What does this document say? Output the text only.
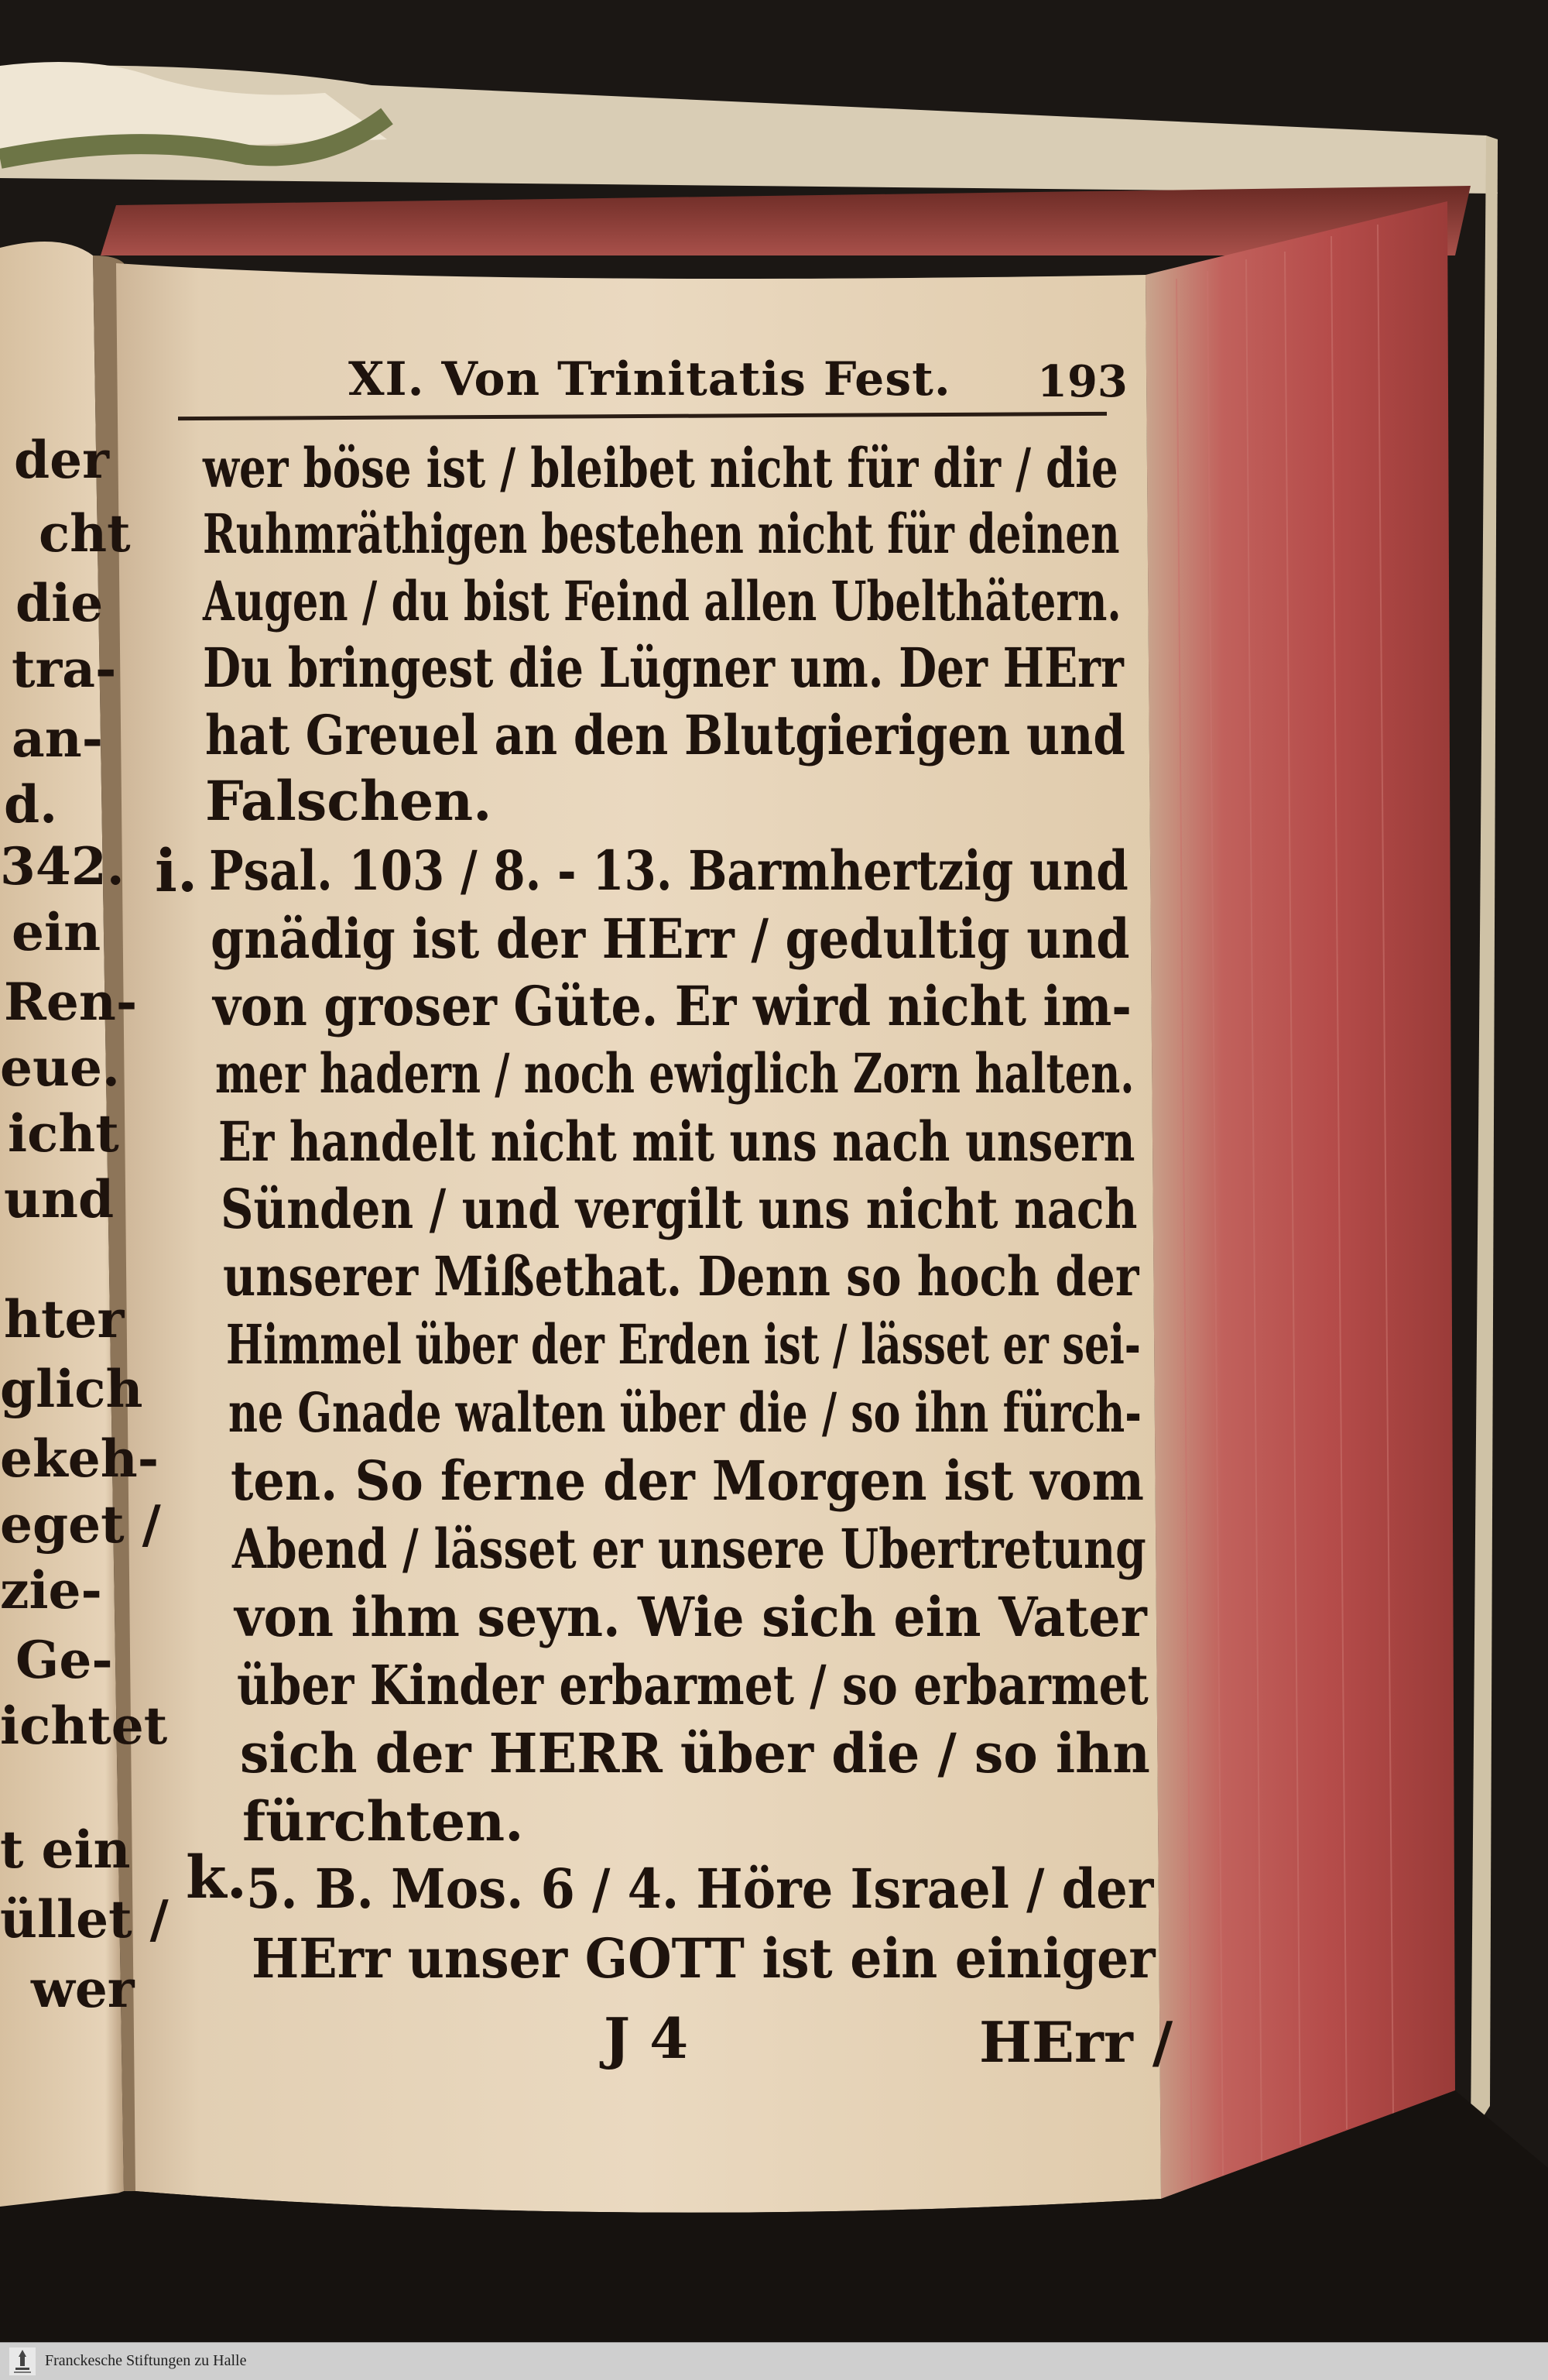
der
cht
die
tra-
an-
d.
342.
ein
Ren-
eue.
icht
und
hter
glich
ekeh-
eget /
zie-
Ge-
ichtet
t ein
üllet /
wer
XI. Von Trinitatis Fest. 193
wer böse ist / bleibet nicht für dir / die
Ruhmräthigen bestehen nicht für deinen
Augen / du bist Feind allen Ubelthätern.
Du bringest die Lügner um. Der HErr
hat Greuel an den Blutgierigen und
Falschen.
i. Psal. 103 / 8. - 13. Barmhertzig und
gnädig ist der HErr / gedultig und
von groser Güte. Er wird nicht im-
mer hadern / noch ewiglich Zorn halten.
Er handelt nicht mit uns nach unsern
Sünden / und vergilt uns nicht nach
unserer Mißethat. Denn so hoch der
Himmel über der Erden ist / lässet er sei-
ne Gnade walten über die / so ihn fürch-
ten. So ferne der Morgen ist vom
Abend / lässet er unsere Ubertretung
von ihm seyn. Wie sich ein Vater
über Kinder erbarmet / so erbarmet
sich der HERR über die / so ihn
fürchten.
k.
5. B. Mos. 6 / 4. Höre Israel / der
HErr unser GOTT ist ein einiger
J 4	HErr /
Franckesche Stiftungen zu Halle
